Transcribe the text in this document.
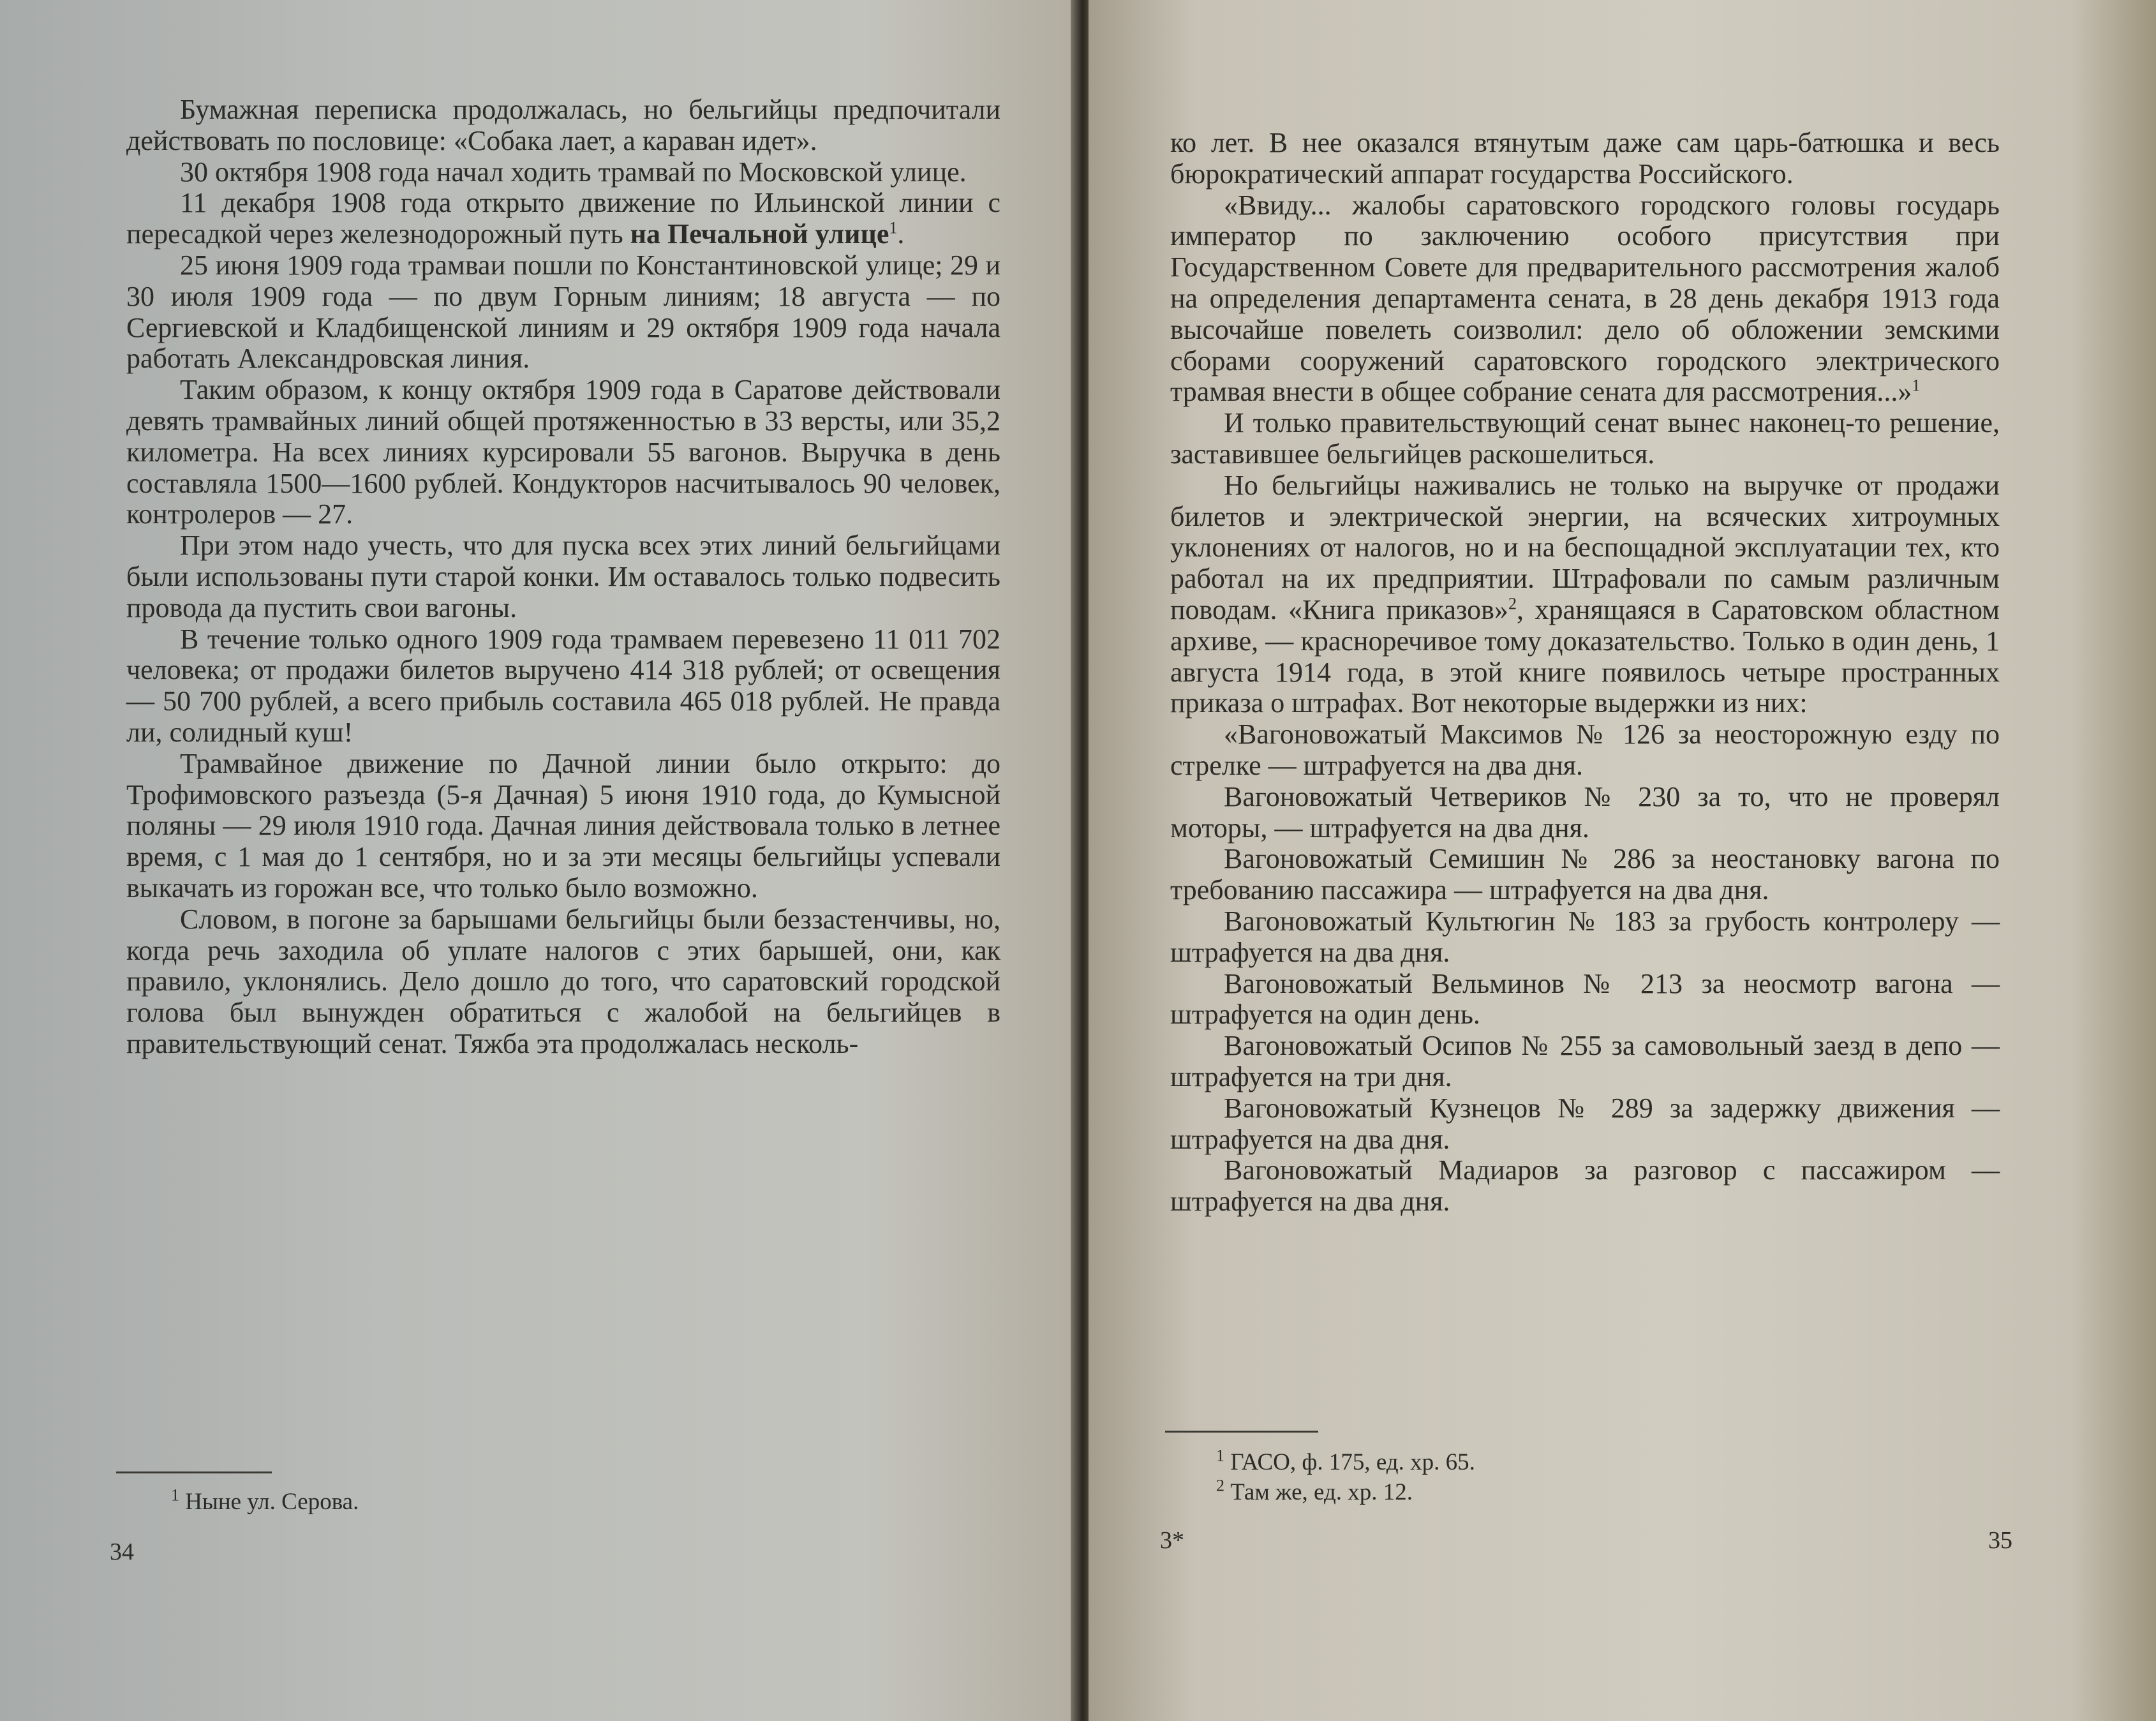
Бумажная переписка продолжалась, но бельгийцы предпочитали действовать по пословице: «Собака лает, а караван идет».

30 октября 1908 года начал ходить трамвай по Московской улице.

11 декабря 1908 года открыто движение по Ильинской линии с пересадкой через железнодорожный путь на Печальной улице$^1$.

25 июня 1909 года трамваи пошли по Константиновской улице; 29 и 30 июля 1909 года — по двум Горным линиям; 18 августа — по Сергиевской и Кладбищенской линиям и 29 октября 1909 года начала работать Александровская линия.

Таким образом, к концу октября 1909 года в Саратове действовали девять трамвайных линий общей протяженностью в 33 версты, или 35,2 километра. На всех линиях курсировали 55 вагонов. Выручка в день составляла 1500—1600 рублей. Кондукторов насчитывалось 90 человек, контролеров — 27.

При этом надо учесть, что для пуска всех этих линий бельгийцами были использованы пути старой конки. Им оставалось только подвесить провода да пустить свои вагоны.

В течение только одного 1909 года трамваем перевезено 11 011 702 человека; от продажи билетов выручено 414 318 рублей; от освещения — 50 700 рублей, а всего прибыль составила 465 018 рублей. Не правда ли, солидный куш!

Трамвайное движение по Дачной линии было открыто: до Трофимовского разъезда (5-я Дачная) 5 июня 1910 года, до Кумысной поляны — 29 июля 1910 года. Дачная линия действовала только в летнее время, с 1 мая до 1 сентября, но и за эти месяцы бельгийцы успевали выкачать из горожан все, что только было возможно.

Словом, в погоне за барышами бельгийцы были беззастенчивы, но, когда речь заходила об уплате налогов с этих барышей, они, как правило, уклонялись. Дело дошло до того, что саратовский городской голова был вынужден обратиться с жалобой на бельгийцев в правительствующий сенат. Тяжба эта продолжалась несколь-

$^1$ Ныне ул. Серова.
34

ко лет. В нее оказался втянутым даже сам царь-батюшка и весь бюрократический аппарат государства Российского.

«Ввиду... жалобы саратовского городского головы государь император по заключению особого присутствия при Государственном Совете для предварительного рассмотрения жалоб на определения департамента сената, в 28 день декабря 1913 года высочайше повелеть соизволил: дело об обложении земскими сборами сооружений саратовского городского электрического трамвая внести в общее собрание сената для рассмотрения...»$^1$

И только правительствующий сенат вынес наконец-то решение, заставившее бельгийцев раскошелиться.

Но бельгийцы наживались не только на выручке от продажи билетов и электрической энергии, на всяческих хитроумных уклонениях от налогов, но и на беспощадной эксплуатации тех, кто работал на их предприятии. Штрафовали по самым различным поводам. «Книга приказов»$^2$, хранящаяся в Саратовском областном архиве, — красноречивое тому доказательство. Только в один день, 1 августа 1914 года, в этой книге появилось четыре пространных приказа о штрафах. Вот некоторые выдержки из них:

«Вагоновожатый Максимов № 126 за неосторожную езду по стрелке — штрафуется на два дня.

Вагоновожатый Четвериков № 230 за то, что не проверял моторы, — штрафуется на два дня.

Вагоновожатый Семишин № 286 за неостановку вагона по требованию пассажира — штрафуется на два дня.

Вагоновожатый Культюгин № 183 за грубость контролеру — штрафуется на два дня.

Вагоновожатый Вельминов № 213 за неосмотр вагона — штрафуется на один день.

Вагоновожатый Осипов № 255 за самовольный заезд в депо — штрафуется на три дня.

Вагоновожатый Кузнецов № 289 за задержку движения — штрафуется на два дня.

Вагоновожатый Мадиаров за разговор с пассажиром — штрафуется на два дня.

$^1$ ГАСО, ф. 175, ед. хр. 65.
$^2$ Там же, ед. хр. 12.
3*	35
